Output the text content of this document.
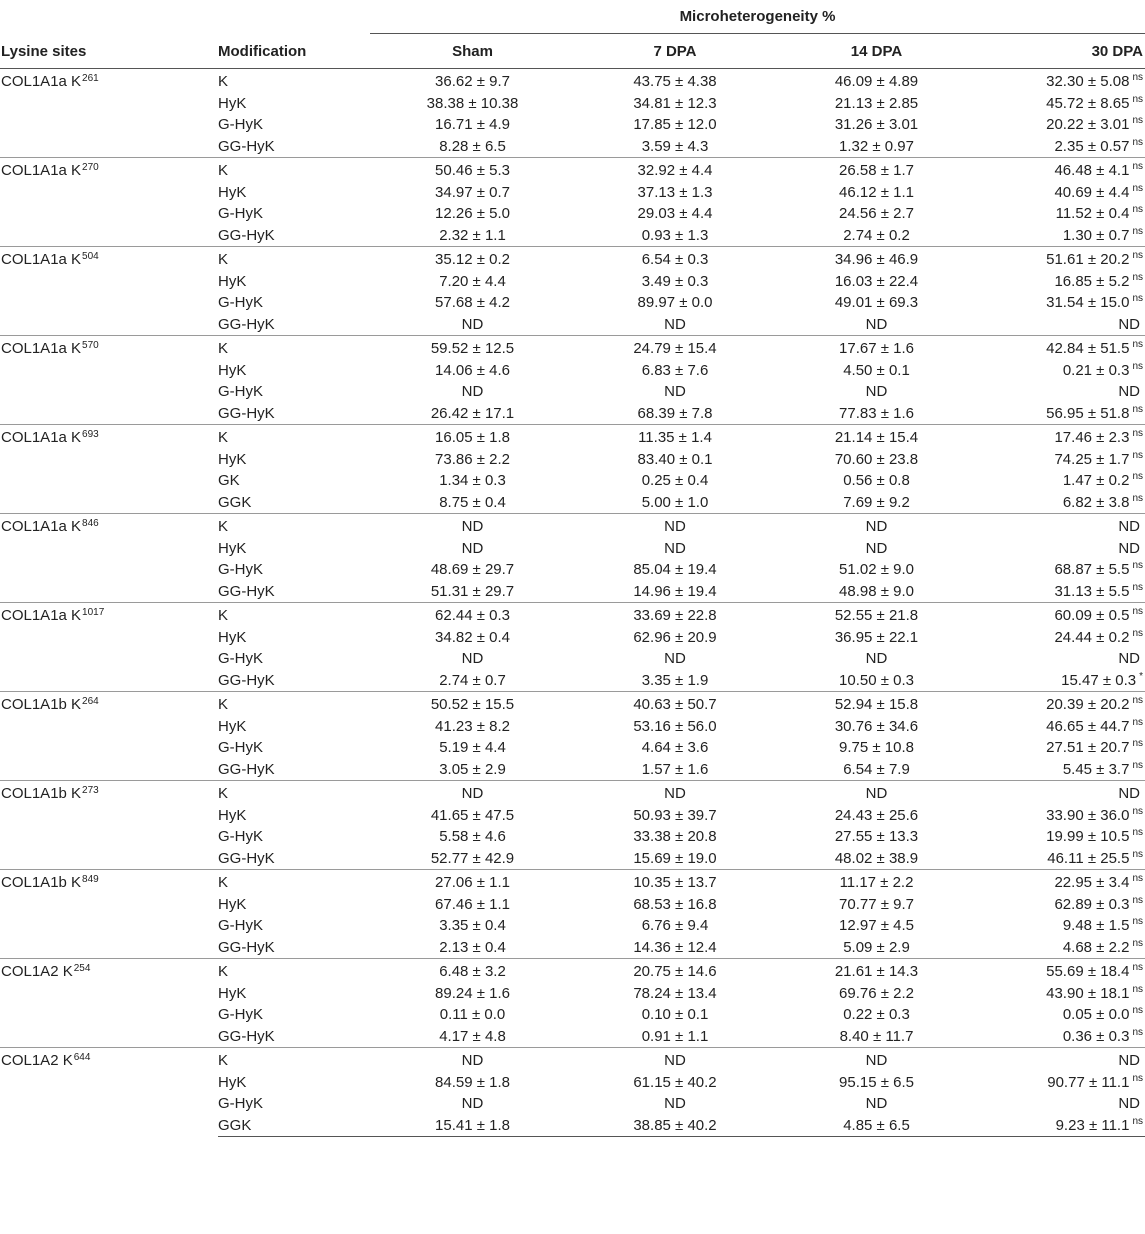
Lysine sites	Modification	Microheterogeneity %			
		Sham	7 DPA	14 DPA	30 DPA
COL1A1a $K^{261}$	K	36.62 ± 9.7	43.75 ± 4.38	46.09 ± 4.89	32.30 ± 5.08 $^{ns}$
	HyK	38.38 ± 10.38	34.81 ± 12.3	21.13 ± 2.85	45.72 ± 8.65 $^{ns}$
	G-HyK	16.71 ± 4.9	17.85 ± 12.0	31.26 ± 3.01	20.22 ± 3.01 $^{ns}$
	GG-HyK	8.28 ± 6.5	3.59 ± 4.3	1.32 ± 0.97	2.35 ± 0.57 $^{ns}$
COL1A1a $K^{270}$	K	50.46 ± 5.3	32.92 ± 4.4	26.58 ± 1.7	46.48 ± 4.1 $^{ns}$
	HyK	34.97 ± 0.7	37.13 ± 1.3	46.12 ± 1.1	40.69 ± 4.4 $^{ns}$
	G-HyK	12.26 ± 5.0	29.03 ± 4.4	24.56 ± 2.7	11.52 ± 0.4 $^{ns}$
	GG-HyK	2.32 ± 1.1	0.93 ± 1.3	2.74 ± 0.2	1.30 ± 0.7 $^{ns}$
COL1A1a $K^{504}$	K	35.12 ± 0.2	6.54 ± 0.3	34.96 ± 46.9	51.61 ± 20.2 $^{ns}$
	HyK	7.20 ± 4.4	3.49 ± 0.3	16.03 ± 22.4	16.85 ± 5.2 $^{ns}$
	G-HyK	57.68 ± 4.2	89.97 ± 0.0	49.01 ± 69.3	31.54 ± 15.0 $^{ns}$
	GG-HyK	ND	ND	ND	ND
COL1A1a $K^{570}$	K	59.52 ± 12.5	24.79 ± 15.4	17.67 ± 1.6	42.84 ± 51.5 $^{ns}$
	HyK	14.06 ± 4.6	6.83 ± 7.6	4.50 ± 0.1	0.21 ± 0.3 $^{ns}$
	G-HyK	ND	ND	ND	ND
	GG-HyK	26.42 ± 17.1	68.39 ± 7.8	77.83 ± 1.6	56.95 ± 51.8 $^{ns}$
COL1A1a $K^{693}$	K	16.05 ± 1.8	11.35 ± 1.4	21.14 ± 15.4	17.46 ± 2.3 $^{ns}$
	HyK	73.86 ± 2.2	83.40 ± 0.1	70.60 ± 23.8	74.25 ± 1.7 $^{ns}$
	GK	1.34 ± 0.3	0.25 ± 0.4	0.56 ± 0.8	1.47 ± 0.2 $^{ns}$
	GGK	8.75 ± 0.4	5.00 ± 1.0	7.69 ± 9.2	6.82 ± 3.8 $^{ns}$
COL1A1a $K^{846}$	K	ND	ND	ND	ND
	HyK	ND	ND	ND	ND
	G-HyK	48.69 ± 29.7	85.04 ± 19.4	51.02 ± 9.0	68.87 ± 5.5 $^{ns}$
	GG-HyK	51.31 ± 29.7	14.96 ± 19.4	48.98 ± 9.0	31.13 ± 5.5 $^{ns}$
COL1A1a $K^{1017}$	K	62.44 ± 0.3	33.69 ± 22.8	52.55 ± 21.8	60.09 ± 0.5 $^{ns}$
	HyK	34.82 ± 0.4	62.96 ± 20.9	36.95 ± 22.1	24.44 ± 0.2 $^{ns}$
	G-HyK	ND	ND	ND	ND
	GG-HyK	2.74 ± 0.7	3.35 ± 1.9	10.50 ± 0.3	15.47 ± 0.3 *
COL1A1b $K^{264}$	K	50.52 ± 15.5	40.63 ± 50.7	52.94 ± 15.8	20.39 ± 20.2 $^{ns}$
	HyK	41.23 ± 8.2	53.16 ± 56.0	30.76 ± 34.6	46.65 ± 44.7 $^{ns}$
	G-HyK	5.19 ± 4.4	4.64 ± 3.6	9.75 ± 10.8	27.51 ± 20.7 $^{ns}$
	GG-HyK	3.05 ± 2.9	1.57 ± 1.6	6.54 ± 7.9	5.45 ± 3.7 $^{ns}$
COL1A1b $K^{273}$	K	ND	ND	ND	ND
	HyK	41.65 ± 47.5	50.93 ± 39.7	24.43 ± 25.6	33.90 ± 36.0 $^{ns}$
	G-HyK	5.58 ± 4.6	33.38 ± 20.8	27.55 ± 13.3	19.99 ± 10.5 $^{ns}$
	GG-HyK	52.77 ± 42.9	15.69 ± 19.0	48.02 ± 38.9	46.11 ± 25.5 $^{ns}$
COL1A1b $K^{849}$	K	27.06 ± 1.1	10.35 ± 13.7	11.17 ± 2.2	22.95 ± 3.4 $^{ns}$
	HyK	67.46 ± 1.1	68.53 ± 16.8	70.77 ± 9.7	62.89 ± 0.3 $^{ns}$
	G-HyK	3.35 ± 0.4	6.76 ± 9.4	12.97 ± 4.5	9.48 ± 1.5 $^{ns}$
	GG-HyK	2.13 ± 0.4	14.36 ± 12.4	5.09 ± 2.9	4.68 ± 2.2 $^{ns}$
COL1A2 $K^{254}$	K	6.48 ± 3.2	20.75 ± 14.6	21.61 ± 14.3	55.69 ± 18.4 $^{ns}$
	HyK	89.24 ± 1.6	78.24 ± 13.4	69.76 ± 2.2	43.90 ± 18.1 $^{ns}$
	G-HyK	0.11 ± 0.0	0.10 ± 0.1	0.22 ± 0.3	0.05 ± 0.0 $^{ns}$
	GG-HyK	4.17 ± 4.8	0.91 ± 1.1	8.40 ± 11.7	0.36 ± 0.3 $^{ns}$
COL1A2 $K^{644}$	K	ND	ND	ND	ND
	HyK	84.59 ± 1.8	61.15 ± 40.2	95.15 ± 6.5	90.77 ± 11.1 $^{ns}$
	G-HyK	ND	ND	ND	ND
	GGK	15.41 ± 1.8	38.85 ± 40.2	4.85 ± 6.5	9.23 ± 11.1 $^{ns}$
